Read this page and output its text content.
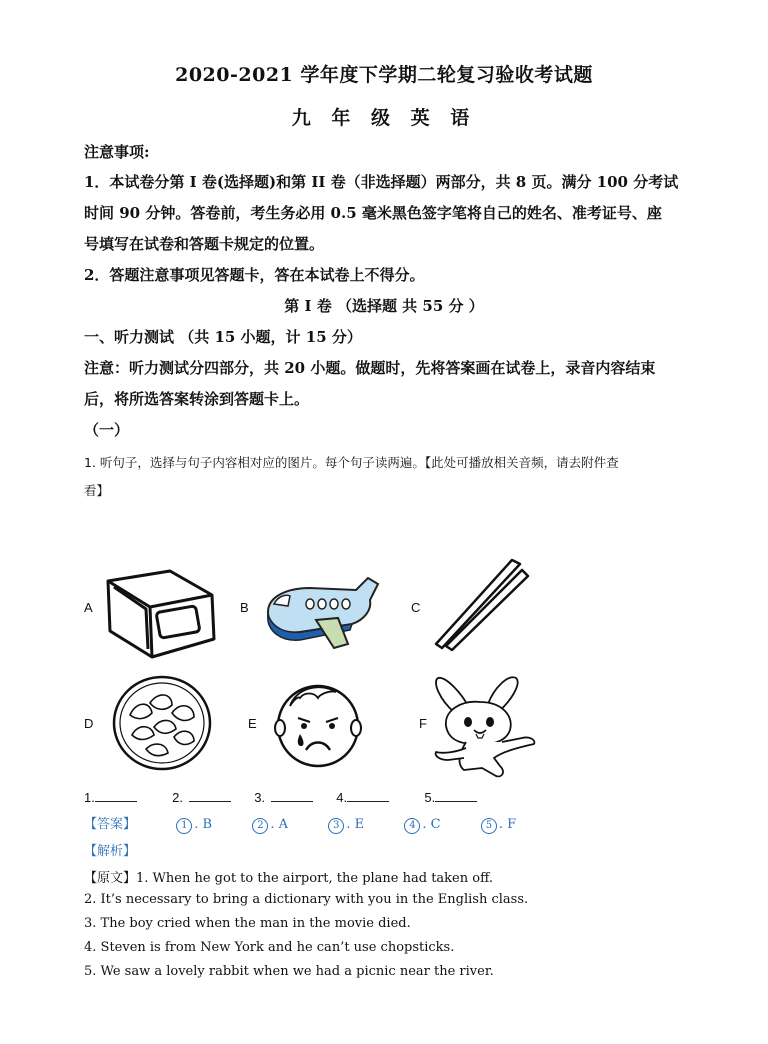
2020-2021 学年度下学期二轮复习验收考试题
九 年 级 英 语
注意事项:
1．本试卷分第 I 卷(选择题)和第 II 卷（非选择题）两部分，共 8 页。满分 100 分考试
时间 90 分钟。答卷前，考生务必用 0.5 毫米黑色签字笔将自己的姓名、准考证号、座
号填写在试卷和答题卡规定的位置。
2．答题注意事项见答题卡，答在本试卷上不得分。
第 I 卷 （选择题 共 55 分 ）
一、听力测试 （共 15 小题，计 15 分）
注意：听力测试分四部分，共 20 小题。做题时，先将答案画在试卷上，录音内容结束
后，将所选答案转涂到答题卡上。
（一）
1. 听句子，选择与句子内容相对应的图片。每个句子读两遍。【此处可播放相关音频，请去附件查
看】
A	B	C
D	E	F
1.	2.	3.	4.	5.
【答案】	1 . B	2 . A	3 . E	4 . C	5 . F
【解析】
【原文】1. When he got to the airport, the plane had taken off.
2. It’s necessary to bring a dictionary with you in the English class.
3. The boy cried when the man in the movie died.
4. Steven is from New York and he can’t use chopsticks.
5. We saw a lovely rabbit when we had a picnic near the river.
